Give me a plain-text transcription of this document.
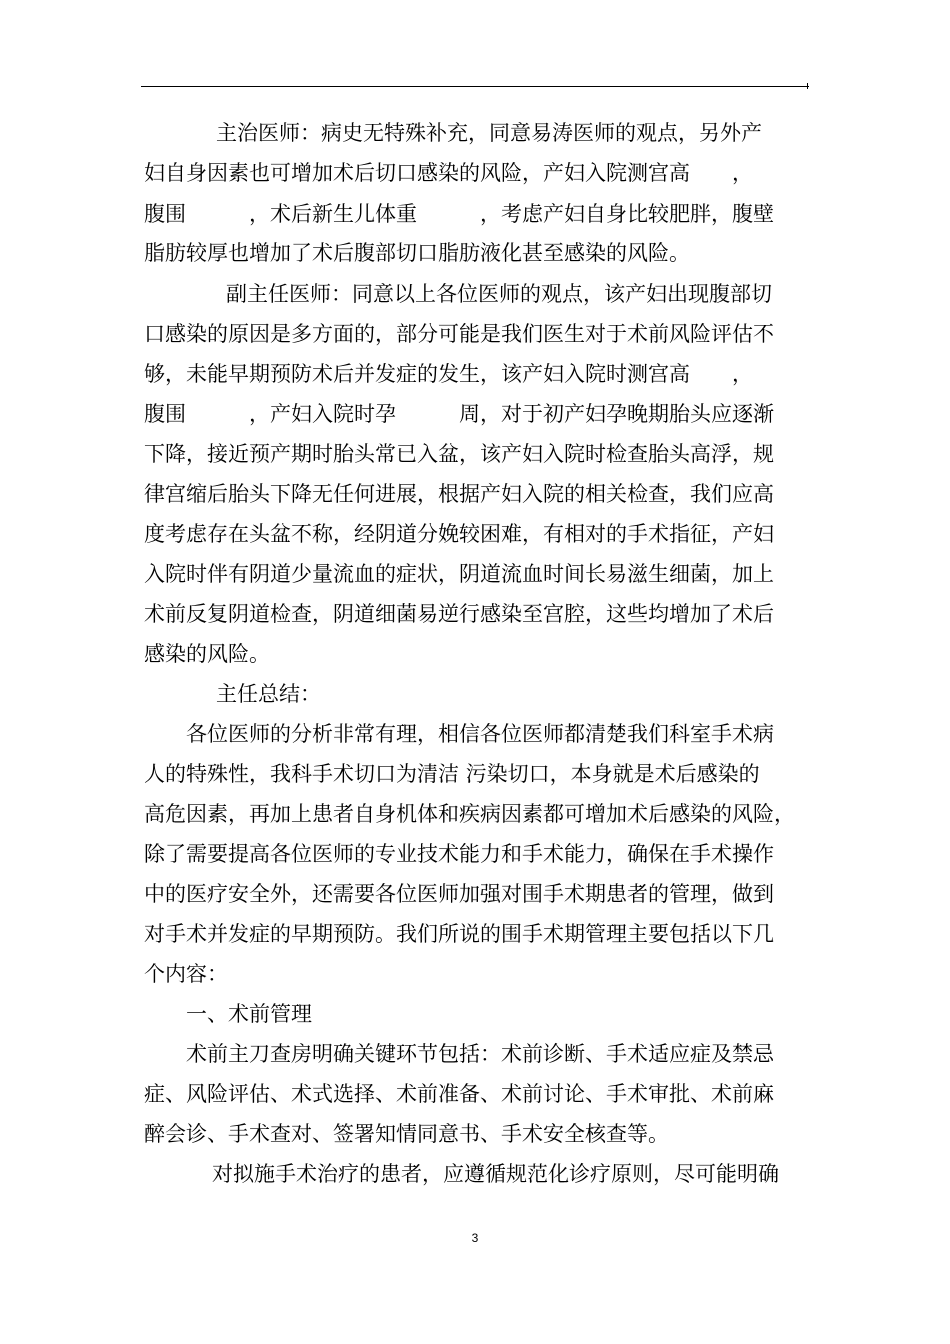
主治医师：病史无特殊补充，同意易涛医师的观点，另外产
妇自身因素也可增加术后切口感染的风险，产妇入院测宫高　　，
腹围　　　，术后新生儿体重　　　，考虑产妇自身比较肥胖，腹壁
脂肪较厚也增加了术后腹部切口脂肪液化甚至感染的风险。
副主任医师：同意以上各位医师的观点，该产妇出现腹部切
口感染的原因是多方面的，部分可能是我们医生对于术前风险评估不
够，未能早期预防术后并发症的发生，该产妇入院时测宫高　　，
腹围　　　，产妇入院时孕　　　周，对于初产妇孕晚期胎头应逐渐
下降，接近预产期时胎头常已入盆，该产妇入院时检查胎头高浮，规
律宫缩后胎头下降无任何进展，根据产妇入院的相关检查，我们应高
度考虑存在头盆不称，经阴道分娩较困难，有相对的手术指征，产妇
入院时伴有阴道少量流血的症状，阴道流血时间长易滋生细菌，加上
术前反复阴道检查，阴道细菌易逆行感染至宫腔，这些均增加了术后
感染的风险。
主任总结：
各位医师的分析非常有理，相信各位医师都清楚我们科室手术病
人的特殊性，我科手术切口为清洁 污染切口，本身就是术后感染的
高危因素，再加上患者自身机体和疾病因素都可增加术后感染的风险，
除了需要提高各位医师的专业技术能力和手术能力，确保在手术操作
中的医疗安全外，还需要各位医师加强对围手术期患者的管理，做到
对手术并发症的早期预防。我们所说的围手术期管理主要包括以下几
个内容：
一、术前管理
术前主刀查房明确关键环节包括：术前诊断、手术适应症及禁忌
症、风险评估、术式选择、术前准备、术前讨论、手术审批、术前麻
醉会诊、手术查对、签署知情同意书、手术安全核查等。
对拟施手术治疗的患者，应遵循规范化诊疗原则，尽可能明确
3
